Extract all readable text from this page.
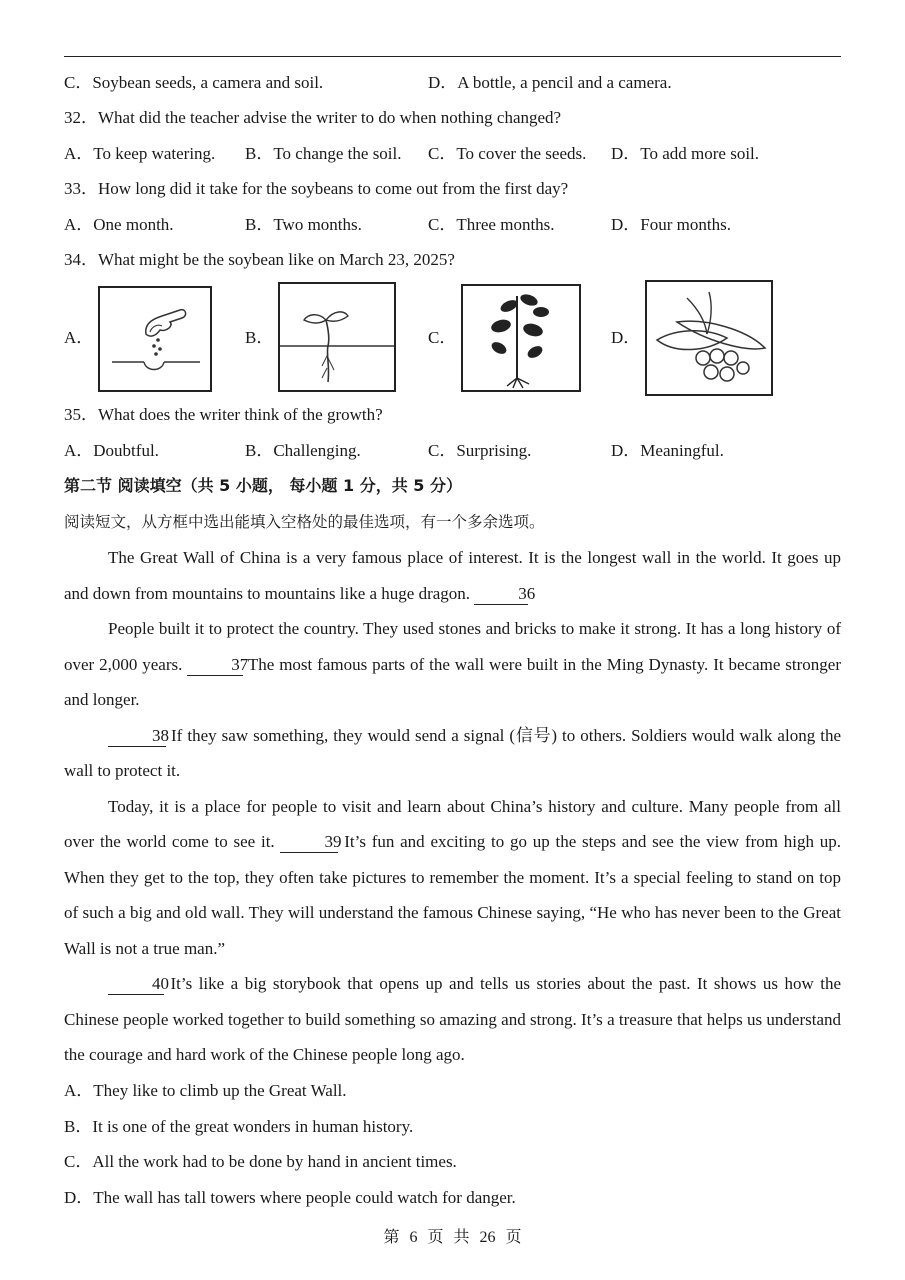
C．Soybean seeds, a camera and soil.	D．A bottle, a pencil and a camera.
32．What did the teacher advise the writer to do when nothing changed?
A．To keep watering. B．To change the soil. C．To cover the seeds. D．To add more soil.
33．How long did it take for the soybeans to come out from the first day?
A．One month.	B．Two months.	C．Three months.	D．Four months.
34．What might be the soybean like on March 23, 2025?
A．	B．	C．	D．
35．What does the writer think of the growth?
A．Doubtful.	B．Challenging.	C．Surprising.	D．Meaningful.
第二节 阅读填空（共 5 小题， 每小题 1 分，共 5 分）
阅读短文，从方框中选出能填入空格处的最佳选项，有一个多余选项。

The Great Wall of China is a very famous place of interest. It is the longest wall in the world. It goes up and down from mountains to mountains like a huge dragon.	36

People built it to protect the country. They used stones and bricks to make it strong. It has a long history of over 2,000 years.	37 The most famous parts of the wall were built in the Ming Dynasty. It became stronger and longer.

38 If they saw something, they would send a signal (信号) to others. Soldiers would walk along the wall to protect it.

Today, it is a place for people to visit and learn about China’s history and culture. Many people from all over the world come to see it.	39 It’s fun and exciting to go up the steps and see the view from high up. When they get to the top, they often take pictures to remember the moment. It’s a special feeling to stand on top of such a big and old wall. They will understand the famous Chinese saying, “He who has never been to the Great Wall is not a true man.”

40 It’s like a big storybook that opens up and tells us stories about the past. It shows us how the Chinese people worked together to build something so amazing and strong. It’s a treasure that helps us understand the courage and hard work of the Chinese people long ago.

A．They like to climb up the Great Wall.
B．It is one of the great wonders in human history.
C．All the work had to be done by hand in ancient times.
D．The wall has tall towers where people could watch for danger.
第 6 页 共 26 页
